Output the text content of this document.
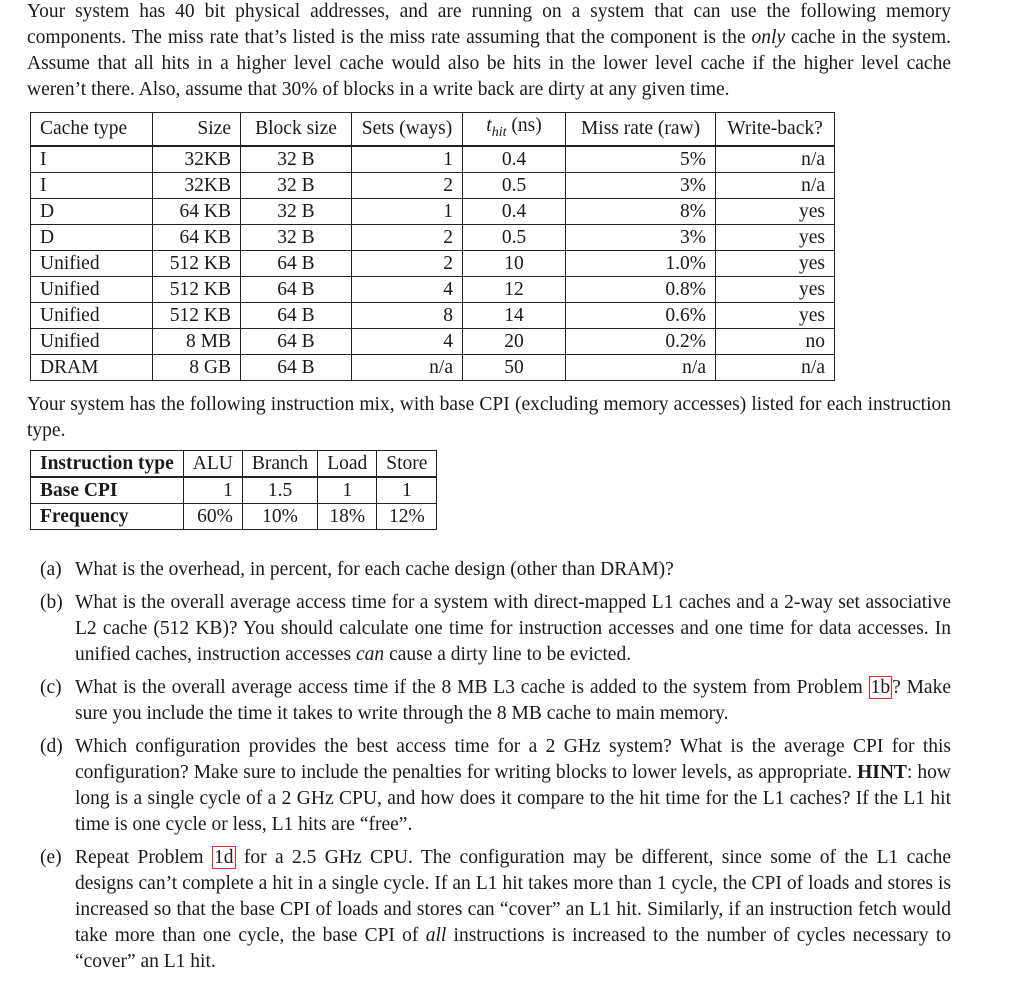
Your system has 40 bit physical addresses, and are running on a system that can use the following memory components. The miss rate that’s listed is the miss rate assuming that the component is the only cache in the system. Assume that all hits in a higher level cache would also be hits in the lower level cache if the higher level cache weren’t there. Also, assume that 30% of blocks in a write back are dirty at any given time.
Cache type	Size	Block size	Sets (ways)	$t_{hit}$ (ns)	Miss rate (raw)	Write-back?
I	32KB	32 B	1	0.4	5%	n/a
I	32KB	32 B	2	0.5	3%	n/a
D	64 KB	32 B	1	0.4	8%	yes
D	64 KB	32 B	2	0.5	3%	yes
Unified	512 KB	64 B	2	10	1.0%	yes
Unified	512 KB	64 B	4	12	0.8%	yes
Unified	512 KB	64 B	8	14	0.6%	yes
Unified	8 MB	64 B	4	20	0.2%	no
DRAM	8 GB	64 B	n/a	50	n/a	n/a
Your system has the following instruction mix, with base CPI (excluding memory accesses) listed for each instruction type.
Instruction type	ALU	Branch	Load	Store
Base CPI	1	1.5	1	1
Frequency	60%	10%	18%	12%
(a) What is the overhead, in percent, for each cache design (other than DRAM)?
(b) What is the overall average access time for a system with direct-mapped L1 caches and a 2-way set associative L2 cache (512 KB)? You should calculate one time for instruction accesses and one time for data accesses. In unified caches, instruction accesses can cause a dirty line to be evicted.
(c) What is the overall average access time if the 8 MB L3 cache is added to the system from Problem 1b ? Make sure you include the time it takes to write through the 8 MB cache to main memory.
(d) Which configuration provides the best access time for a 2 GHz system? What is the average CPI for this configuration? Make sure to include the penalties for writing blocks to lower levels, as appropriate. HINT: how long is a single cycle of a 2 GHz CPU, and how does it compare to the hit time for the L1 caches? If the L1 hit time is one cycle or less, L1 hits are “free”.
(e) Repeat Problem 1d for a 2.5 GHz CPU. The configuration may be different, since some of the L1 cache designs can’t complete a hit in a single cycle. If an L1 hit takes more than 1 cycle, the CPI of loads and stores is increased so that the base CPI of loads and stores can “cover” an L1 hit. Similarly, if an instruction fetch would take more than one cycle, the base CPI of all instructions is increased to the number of cycles necessary to “cover” an L1 hit.
